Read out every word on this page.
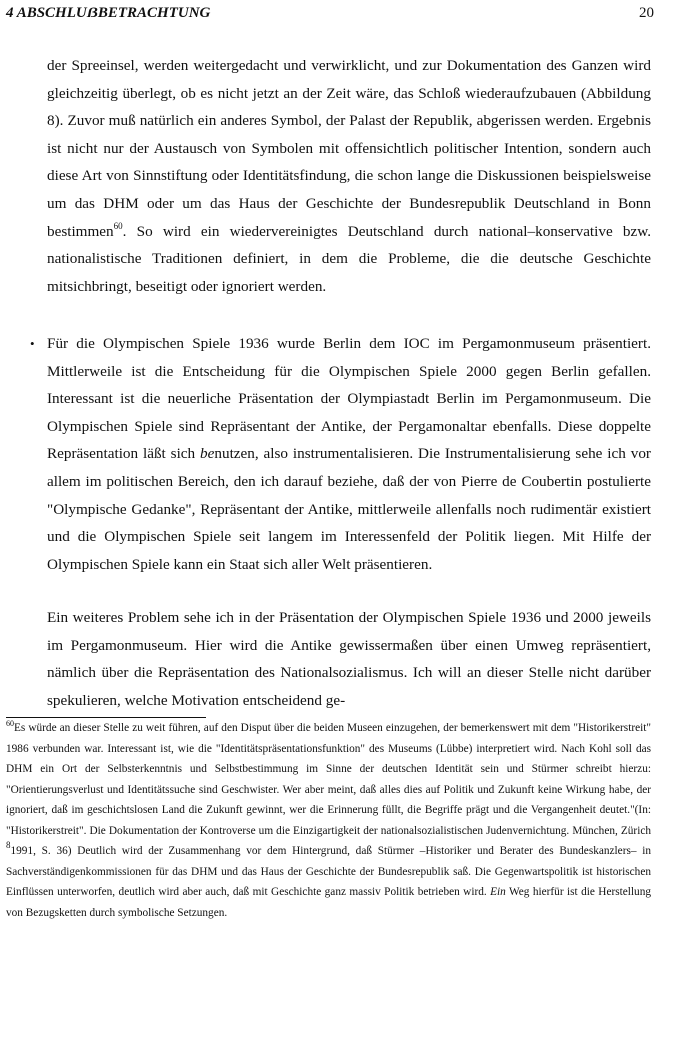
4 ABSCHLUẞBETRACHTUNG	20
der Spreeinsel, werden weitergedacht und verwirklicht, und zur Dokumentation des Ganzen wird gleichzeitig überlegt, ob es nicht jetzt an der Zeit wäre, das Schloß wiederaufzubauen (Abbildung 8). Zuvor muß natürlich ein anderes Symbol, der Palast der Republik, abgerissen werden. Ergebnis ist nicht nur der Austausch von Symbolen mit offensichtlich politischer Intention, sondern auch diese Art von Sinnstiftung oder Identitätsfindung, die schon lange die Diskussionen beispielsweise um das DHM oder um das Haus der Geschichte der Bundesrepublik Deutschland in Bonn bestimmen$^{60}$. So wird ein wiedervereinigtes Deutschland durch national–konservative bzw. nationalistische Traditionen definiert, in dem die Probleme, die die deutsche Geschichte mitsichbringt, beseitigt oder ignoriert werden.
• Für die Olympischen Spiele 1936 wurde Berlin dem IOC im Pergamonmuseum präsentiert. Mittlerweile ist die Entscheidung für die Olympischen Spiele 2000 gegen Berlin gefallen. Interessant ist die neuerliche Präsentation der Olympiastadt Berlin im Pergamonmuseum. Die Olympischen Spiele sind Repräsentant der Antike, der Pergamonaltar ebenfalls. Diese doppelte Repräsentation läßt sich benutzen, also instrumentalisieren. Die Instrumentalisierung sehe ich vor allem im politischen Bereich, den ich darauf beziehe, daß der von Pierre de Coubertin postulierte "Olympische Gedanke", Repräsentant der Antike, mittlerweile allenfalls noch rudimentär existiert und die Olympischen Spiele seit langem im Interessenfeld der Politik liegen. Mit Hilfe der Olympischen Spiele kann ein Staat sich aller Welt präsentieren.
Ein weiteres Problem sehe ich in der Präsentation der Olympischen Spiele 1936 und 2000 jeweils im Pergamonmuseum. Hier wird die Antike gewissermaßen über einen Umweg repräsentiert, nämlich über die Repräsentation des Nationalsozialismus. Ich will an dieser Stelle nicht darüber spekulieren, welche Motivation entscheidend ge-
$^{60}$Es würde an dieser Stelle zu weit führen, auf den Disput über die beiden Museen einzugehen, der bemerkenswert mit dem "Historikerstreit" 1986 verbunden war. Interessant ist, wie die "Identitätspräsentationsfunktion" des Museums (Lübbe) interpretiert wird. Nach Kohl soll das DHM ein Ort der Selbsterkenntnis und Selbstbestimmung im Sinne der deutschen Identität sein und Stürmer schreibt hierzu: "Orientierungsverlust und Identitätssuche sind Geschwister. Wer aber meint, daß alles dies auf Politik und Zukunft keine Wirkung habe, der ignoriert, daß im geschichtslosen Land die Zukunft gewinnt, wer die Erinnerung füllt, die Begriffe prägt und die Vergangenheit deutet."(In: "Historikerstreit". Die Dokumentation der Kontroverse um die Einzigartigkeit der nationalsozialistischen Judenvernichtung. München, Zürich $^8$1991, S. 36) Deutlich wird der Zusammenhang vor dem Hintergrund, daß Stürmer –Historiker und Berater des Bundeskanzlers– in Sachverständigenkommissionen für das DHM und das Haus der Geschichte der Bundesrepublik saß. Die Gegenwartspolitik ist historischen Einflüssen unterworfen, deutlich wird aber auch, daß mit Geschichte ganz massiv Politik betrieben wird. Ein Weg hierfür ist die Herstellung von Bezugsketten durch symbolische Setzungen.
